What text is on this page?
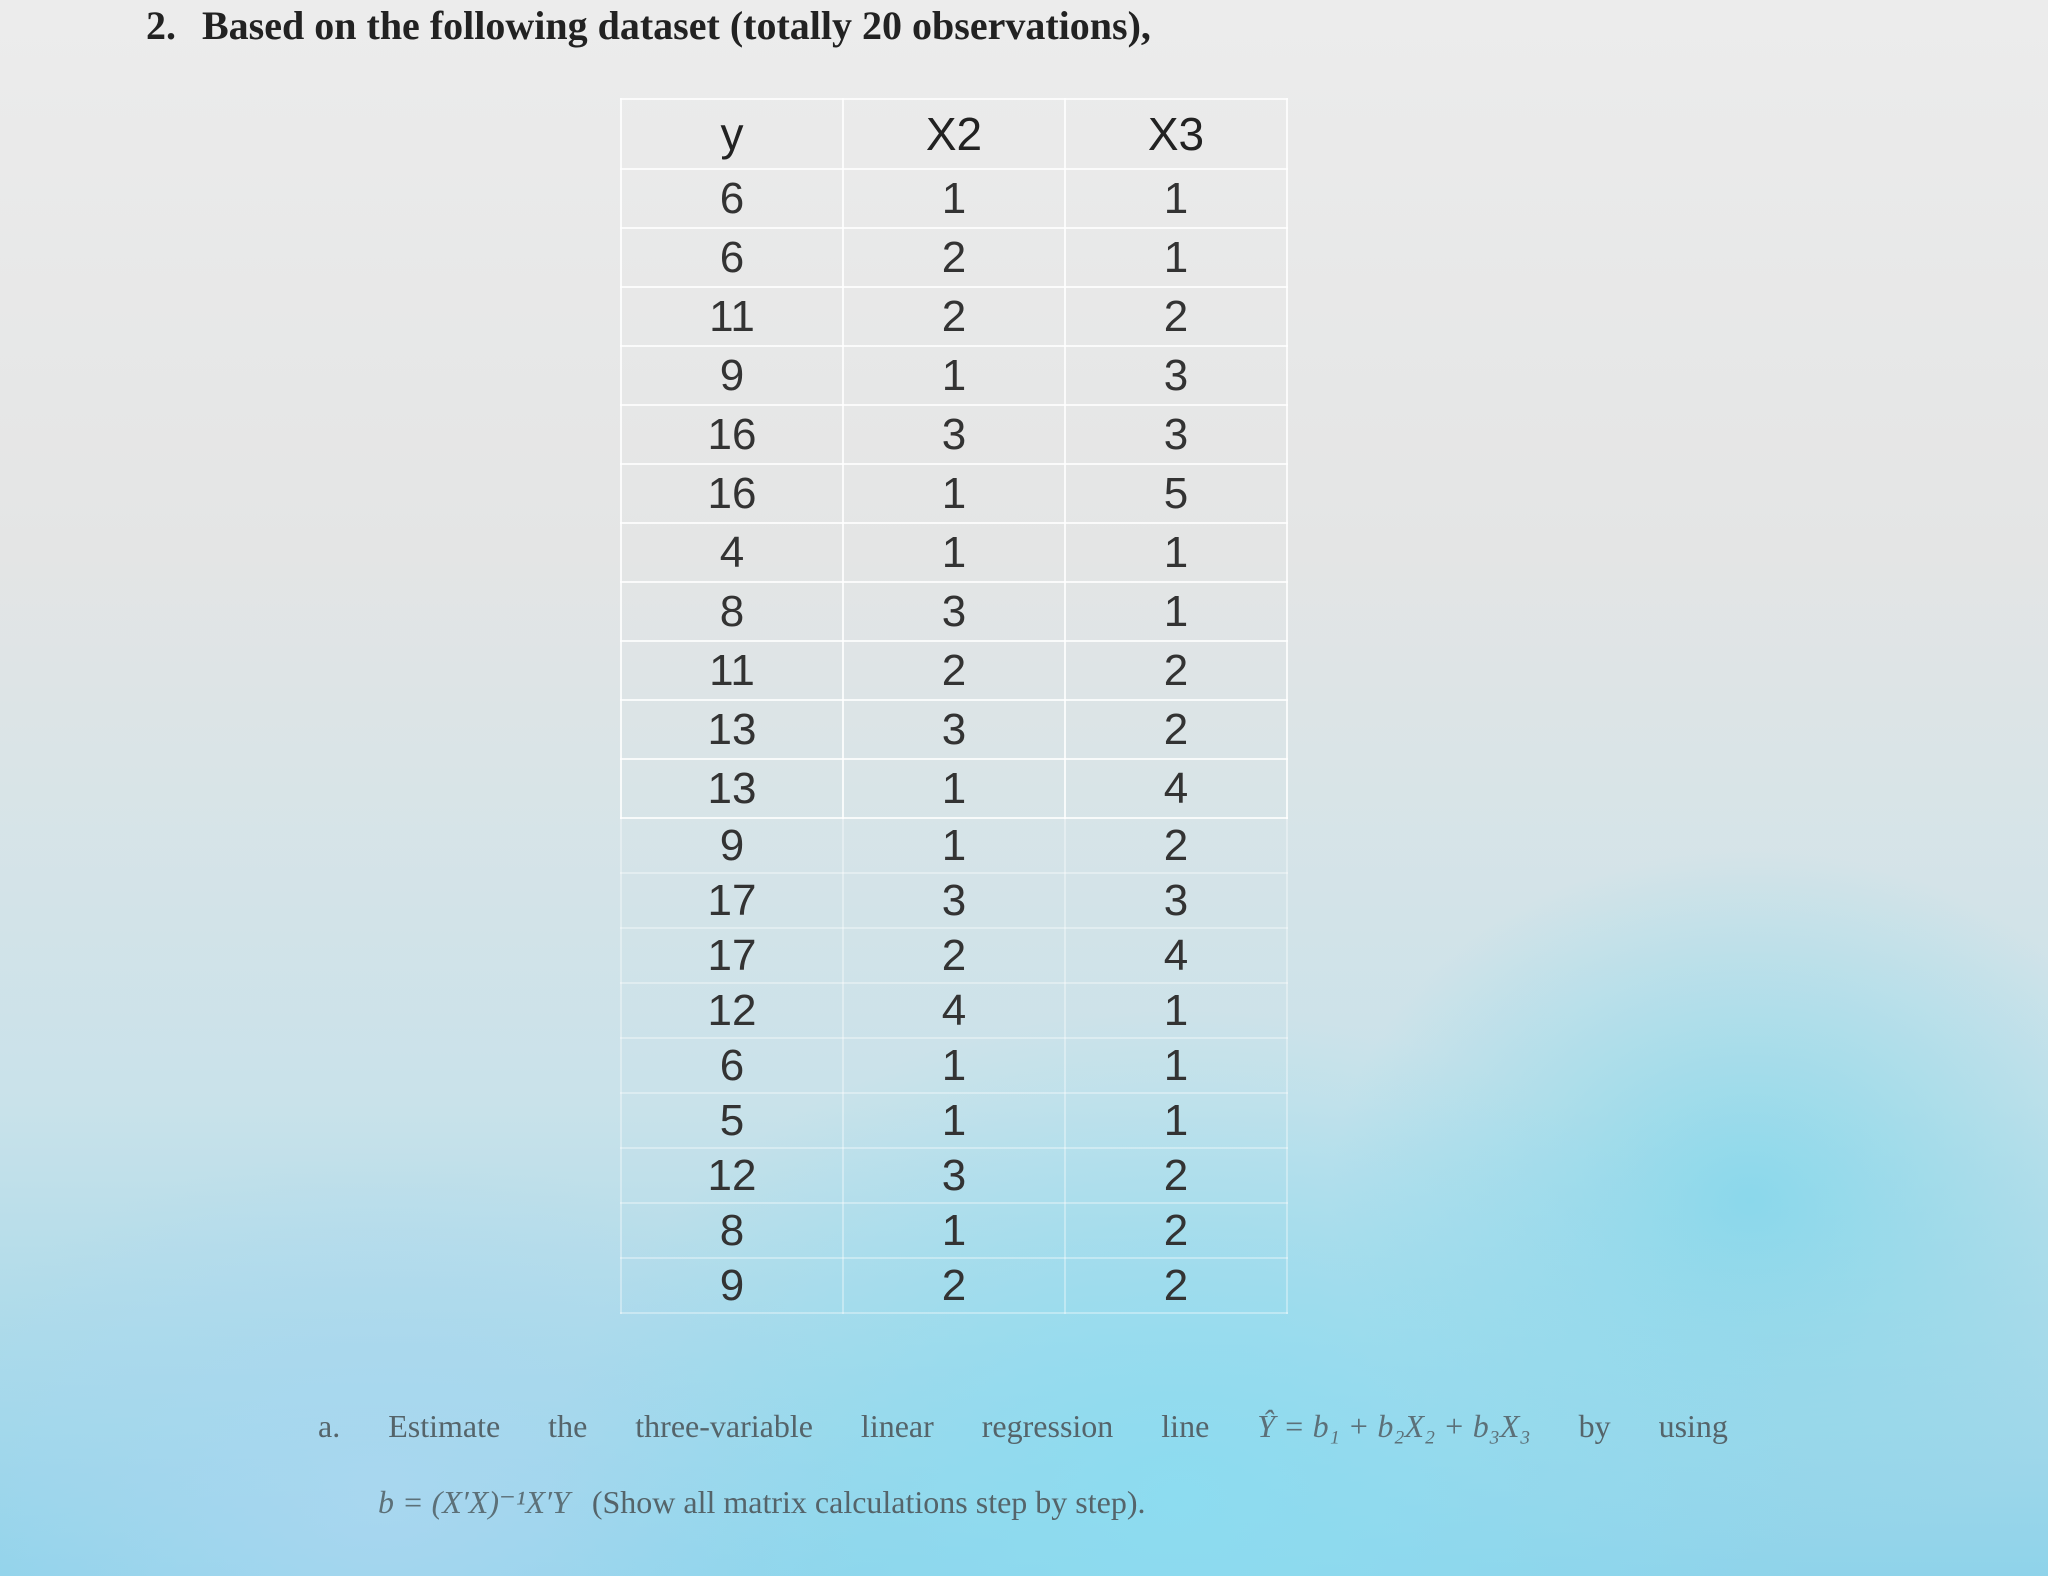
2. Based on the following dataset (totally 20 observations),
y	X2	X3
6	1	1
6	2	1
11	2	2
9	1	3
16	3	3
16	1	5
4	1	1
8	3	1
11	2	2
13	3	2
13	1	4
9	1	2
17	3	3
17	2	4
12	4	1
6	1	1
5	1	1
12	3	2
8	1	2
9	2	2
a. Estimate the three-variable linear regression line Ŷ = b₁ + b₂X₂ + b₃X₃ by using
b = (X′X)⁻¹X′Y (Show all matrix calculations step by step).
